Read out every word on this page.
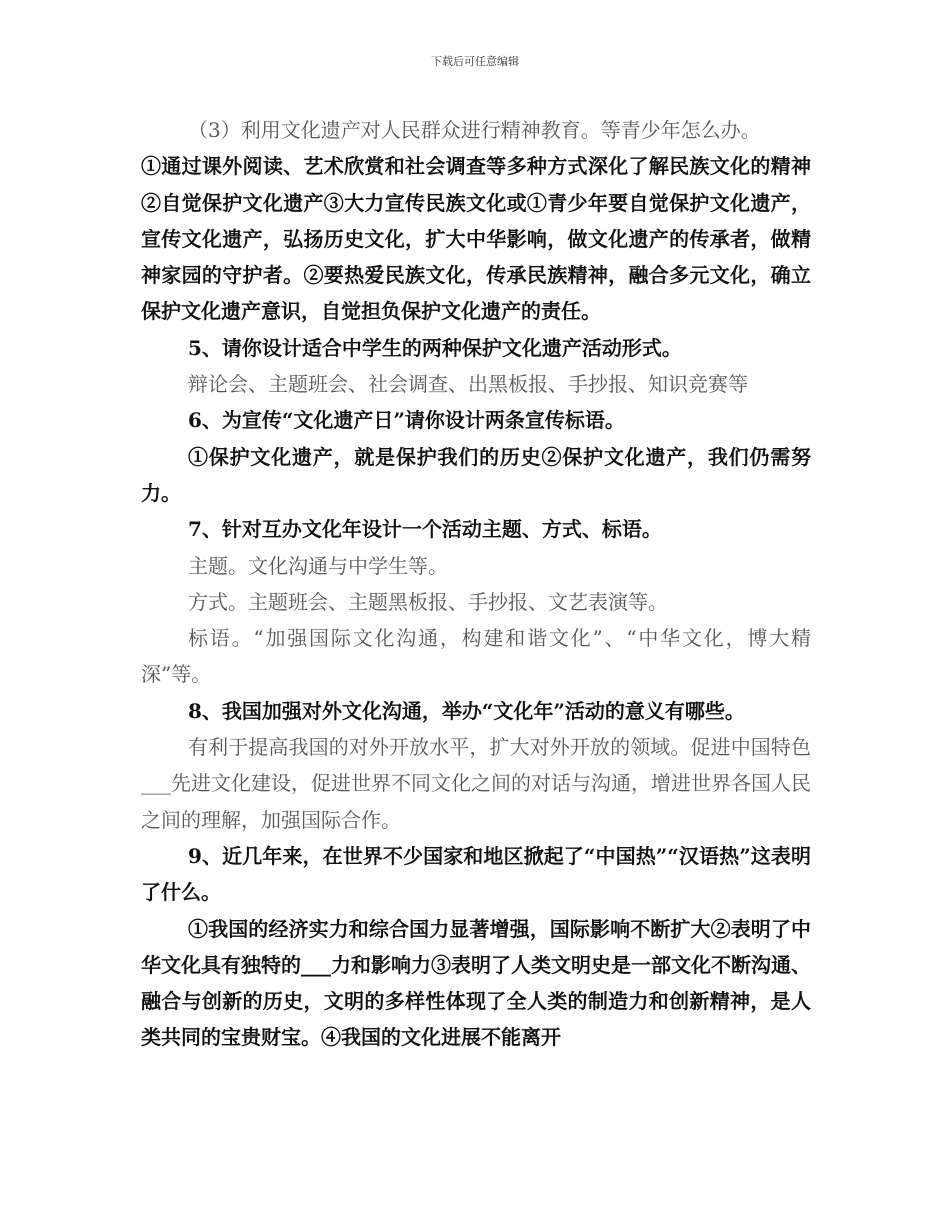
下载后可任意编辑

（3）利用文化遗产对人民群众进行精神教育。等青少年怎么办。

①通过课外阅读、艺术欣赏和社会调查等多种方式深化了解民族文化的精神②自觉保护文化遗产③大力宣传民族文化或①青少年要自觉保护文化遗产，宣传文化遗产，弘扬历史文化，扩大中华影响，做文化遗产的传承者，做精神家园的守护者。②要热爱民族文化，传承民族精神，融合多元文化，确立保护文化遗产意识，自觉担负保护文化遗产的责任。

5、请你设计适合中学生的两种保护文化遗产活动形式。

辩论会、主题班会、社会调查、出黑板报、手抄报、知识竞赛等

6、为宣传“文化遗产日”请你设计两条宣传标语。

①保护文化遗产，就是保护我们的历史②保护文化遗产，我们仍需努力。

7、针对互办文化年设计一个活动主题、方式、标语。

主题。文化沟通与中学生等。

方式。主题班会、主题黑板报、手抄报、文艺表演等。

标语。“加强国际文化沟通，构建和谐文化”、“中华文化，博大精深”等。

8、我国加强对外文化沟通，举办“文化年”活动的意义有哪些。

有利于提高我国的对外开放水平，扩大对外开放的领域。促进中国特色___先进文化建设，促进世界不同文化之间的对话与沟通，增进世界各国人民之间的理解，加强国际合作。

9、近几年来，在世界不少国家和地区掀起了“中国热”“汉语热”这表明了什么。

①我国的经济实力和综合国力显著增强，国际影响不断扩大②表明了中华文化具有独特的___力和影响力③表明了人类文明史是一部文化不断沟通、融合与创新的历史，文明的多样性体现了全人类的制造力和创新精神，是人类共同的宝贵财宝。④我国的文化进展不能离开
